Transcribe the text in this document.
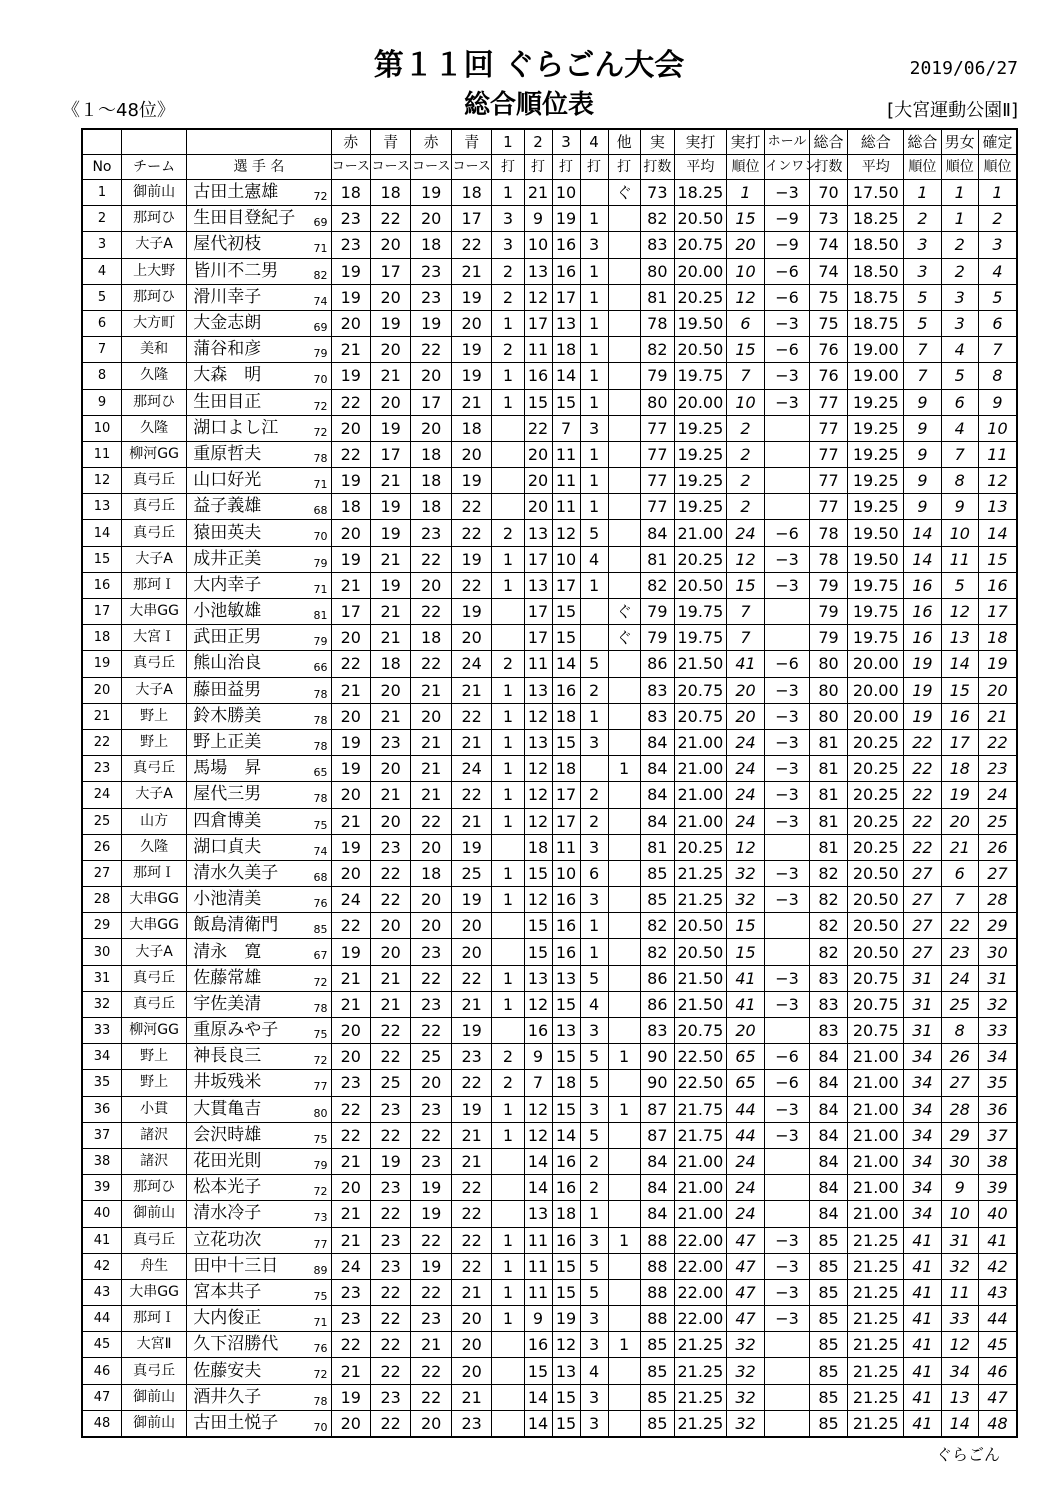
第１１回 ぐらごん大会
総合順位表
2019/06/27
《１～48位》	[大宮運動公園Ⅱ]
			赤	青	赤	青	1	2	3	4	他	実	実打	実打	ホール	総合	総合	総合	男女	確定
No	チーム	選 手 名	コース	コース	コース	コース	打	打	打	打	打	打数	平均	順位	インワン	打数	平均	順位	順位	順位
1	御前山	古田土憲雄 72	18	18	19	18	1	21	10		ぐ	73	18.25	1	−3	70	17.50	1	1	1
2	那珂ひ	生田目登紀子 69	23	22	20	17	3	9	19	1		82	20.50	15	−9	73	18.25	2	1	2
3	大子A	屋代初枝 71	23	20	18	22	3	10	16	3		83	20.75	20	−9	74	18.50	3	2	3
4	上大野	皆川不二男 82	19	17	23	21	2	13	16	1		80	20.00	10	−6	74	18.50	3	2	4
5	那珂ひ	滑川幸子 74	19	20	23	19	2	12	17	1		81	20.25	12	−6	75	18.75	5	3	5
6	大方町	大金志朗 69	20	19	19	20	1	17	13	1		78	19.50	6	−3	75	18.75	5	3	6
7	美和	蒲谷和彦 79	21	20	22	19	2	11	18	1		82	20.50	15	−6	76	19.00	7	4	7
8	久隆	大森　明 70	19	21	20	19	1	16	14	1		79	19.75	7	−3	76	19.00	7	5	8
9	那珂ひ	生田目正 72	22	20	17	21	1	15	15	1		80	20.00	10	−3	77	19.25	9	6	9
10	久隆	湖口よし江 72	20	19	20	18		22	7	3		77	19.25	2		77	19.25	9	4	10
11	柳河GG	重原哲夫 78	22	17	18	20		20	11	1		77	19.25	2		77	19.25	9	7	11
12	真弓丘	山口好光 71	19	21	18	19		20	11	1		77	19.25	2		77	19.25	9	8	12
13	真弓丘	益子義雄 68	18	19	18	22		20	11	1		77	19.25	2		77	19.25	9	9	13
14	真弓丘	猿田英夫 70	20	19	23	22	2	13	12	5		84	21.00	24	−6	78	19.50	14	10	14
15	大子A	成井正美 79	19	21	22	19	1	17	10	4		81	20.25	12	−3	78	19.50	14	11	15
16	那珂Ｉ	大内幸子 71	21	19	20	22	1	13	17	1		82	20.50	15	−3	79	19.75	16	5	16
17	大串GG	小池敏雄 81	17	21	22	19		17	15		ぐ	79	19.75	7		79	19.75	16	12	17
18	大宮Ｉ	武田正男 79	20	21	18	20		17	15		ぐ	79	19.75	7		79	19.75	16	13	18
19	真弓丘	熊山治良 66	22	18	22	24	2	11	14	5		86	21.50	41	−6	80	20.00	19	14	19
20	大子A	藤田益男 78	21	20	21	21	1	13	16	2		83	20.75	20	−3	80	20.00	19	15	20
21	野上	鈴木勝美 78	20	21	20	22	1	12	18	1		83	20.75	20	−3	80	20.00	19	16	21
22	野上	野上正美 78	19	23	21	21	1	13	15	3		84	21.00	24	−3	81	20.25	22	17	22
23	真弓丘	馬場　昇 65	19	20	21	24	1	12	18		1	84	21.00	24	−3	81	20.25	22	18	23
24	大子A	屋代三男 78	20	21	21	22	1	12	17	2		84	21.00	24	−3	81	20.25	22	19	24
25	山方	四倉博美 75	21	20	22	21	1	12	17	2		84	21.00	24	−3	81	20.25	22	20	25
26	久隆	湖口貞夫 74	19	23	20	19		18	11	3		81	20.25	12		81	20.25	22	21	26
27	那珂Ｉ	清水久美子 68	20	22	18	25	1	15	10	6		85	21.25	32	−3	82	20.50	27	6	27
28	大串GG	小池清美 76	24	22	20	19	1	12	16	3		85	21.25	32	−3	82	20.50	27	7	28
29	大串GG	飯島清衛門 85	22	20	20	20		15	16	1		82	20.50	15		82	20.50	27	22	29
30	大子A	清永　寛 67	19	20	23	20		15	16	1		82	20.50	15		82	20.50	27	23	30
31	真弓丘	佐藤常雄 72	21	21	22	22	1	13	13	5		86	21.50	41	−3	83	20.75	31	24	31
32	真弓丘	宇佐美清 78	21	21	23	21	1	12	15	4		86	21.50	41	−3	83	20.75	31	25	32
33	柳河GG	重原みや子 75	20	22	22	19		16	13	3		83	20.75	20		83	20.75	31	8	33
34	野上	神長良三 72	20	22	25	23	2	9	15	5	1	90	22.50	65	−6	84	21.00	34	26	34
35	野上	井坂残米 77	23	25	20	22	2	7	18	5		90	22.50	65	−6	84	21.00	34	27	35
36	小貫	大貫亀吉 80	22	23	23	19	1	12	15	3	1	87	21.75	44	−3	84	21.00	34	28	36
37	諸沢	会沢時雄 75	22	22	22	21	1	12	14	5		87	21.75	44	−3	84	21.00	34	29	37
38	諸沢	花田光則 79	21	19	23	21		14	16	2		84	21.00	24		84	21.00	34	30	38
39	那珂ひ	松本光子 72	20	23	19	22		14	16	2		84	21.00	24		84	21.00	34	9	39
40	御前山	清水冷子 73	21	22	19	22		13	18	1		84	21.00	24		84	21.00	34	10	40
41	真弓丘	立花功次 77	21	23	22	22	1	11	16	3	1	88	22.00	47	−3	85	21.25	41	31	41
42	舟生	田中十三日 89	24	23	19	22	1	11	15	5		88	22.00	47	−3	85	21.25	41	32	42
43	大串GG	宮本共子 75	23	22	22	21	1	11	15	5		88	22.00	47	−3	85	21.25	41	11	43
44	那珂Ｉ	大内俊正 71	23	22	23	20	1	9	19	3		88	22.00	47	−3	85	21.25	41	33	44
45	大宮Ⅱ	久下沼勝代 76	22	22	21	20		16	12	3	1	85	21.25	32		85	21.25	41	12	45
46	真弓丘	佐藤安夫 72	21	22	22	20		15	13	4		85	21.25	32		85	21.25	41	34	46
47	御前山	酒井久子 78	19	23	22	21		14	15	3		85	21.25	32		85	21.25	41	13	47
48	御前山	古田土悦子 70	20	22	20	23		14	15	3		85	21.25	32		85	21.25	41	14	48
ぐらごん
